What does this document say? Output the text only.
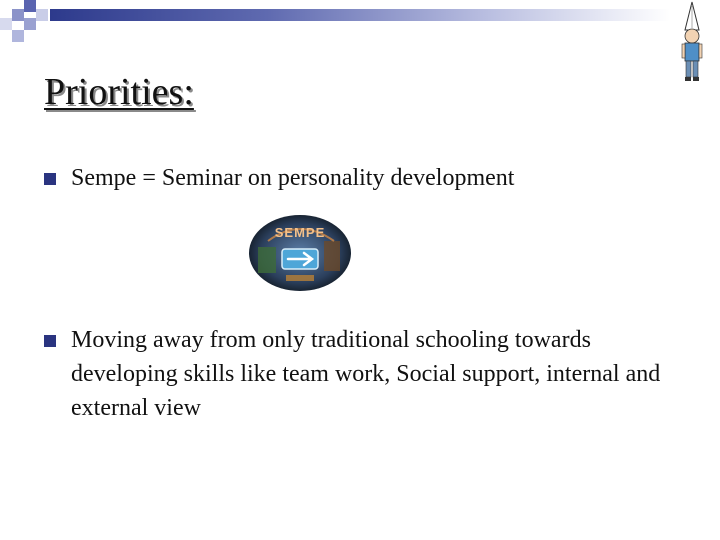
Priorities:
Sempe = Seminar on personality development
SEMPE
Moving away from only traditional schooling towards developing skills like team work, Social support, internal and external view
